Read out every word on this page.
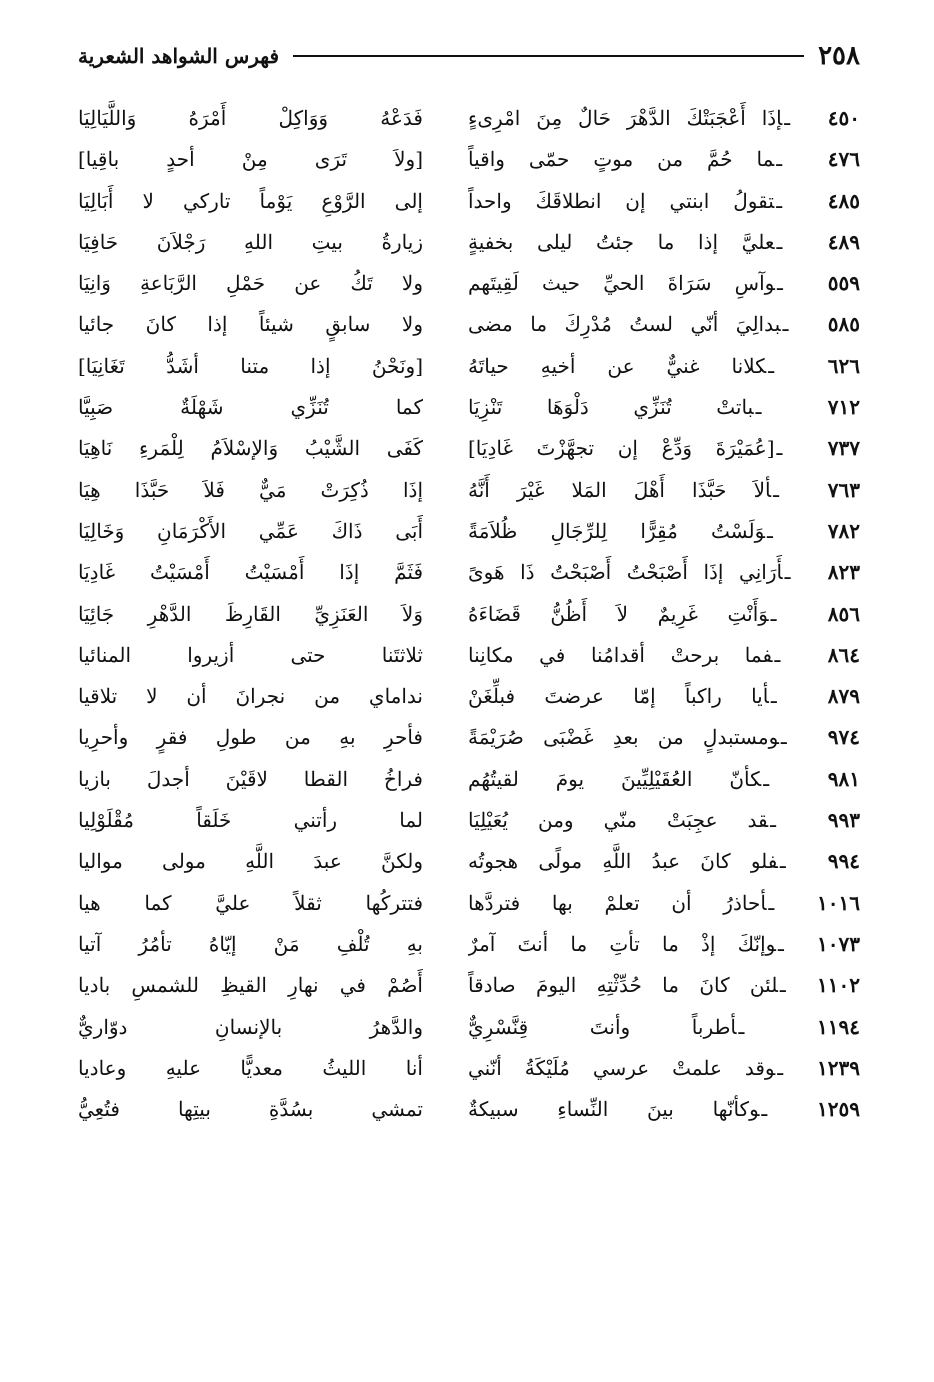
٢٥٨
فهرس الشواهد الشعرية
٤٥٠ ـإذَا أَعْجَبَتْكَ الدَّهْرَ حَالٌ مِنَ امْرِىءٍ
٤٧٦ ـما حُمَّ من موتٍ حمّى واقياً
٤٨٥ ـتقولُ ابنتي إن انطلاقَكَ واحداً
٤٨٩ ـعليَّ إذا ما جئتُ ليلى بخفيةٍ
٥٥٩ ـوآسِ سَرَاةَ الحيِّ حيث لَقِيتَهم
٥٨٥ ـبدالِيَ أنّي لستُ مُدْرِكَ ما مضى
٦٢٦ ـكلانا غنيٌّ عن أخيهِ حياتَهُ
٧١٢ ـباتتْ تُنَزِّي دَلْوَهَا تَنْزِيَا
٧٣٧ ـ[عُمَيْرَةَ وَدِّعْ إن تجهَّزْتَ غَادِيَا]
٧٦٣ ـألاَ حَبَّذَا أَهْلَ المَلا غَيْرَ أَنَّهُ
٧٨٢ ـوَلَسْتُ مُقِرًّا لِلرِّجَالِ ظُلاَمَةً
٨٢٣ ـأَرَانِي إذَا أَصْبَحْتُ أَصْبَحْتُ ذَا هَوىً
٨٥٦ ـوَأَنْتِ غَرِيمٌ لاَ أَظُنُّ قَضَاءَهُ
٨٦٤ ـفما برحتْ أقدامُنا في مكانِنا
٨٧٩ ـأيا راكباً إمّا عرضتَ فبلِّغَنْ
٩٧٤ ـومستبدلٍ من بعدِ غَضْبَى صُرَيْمَةً
٩٨١ ـكأنّ العُقَيْلِيِّينَ يومَ لقيتُهُم
٩٩٣ ـقد عجِبَتْ منّي ومن يُعَيْلِيَا
٩٩٤ ـفلو كانَ عبدُ اللَّهِ مولًى هجوتُه
١٠١٦ ـأحاذرُ أن تعلمْ بها فتردَّها
١٠٧٣ ـوإنّكَ إذْ ما تأتِ ما أنتَ آمرٌ
١١٠٢ ـلئن كانَ ما حُدِّثْتِهِ اليومَ صادقاً
١١٩٤ ـأطرباً وأنتَ قِنَّسْرِيٌّ
١٢٣٩ ـوقد علمتْ عرسي مُلَيْكَةُ أنّني
١٢٥٩ ـوكأنّها بينَ النِّساءِ سبيكةٌ
فَدَعْهُ وَوَاكِلْ أَمْرَهُ وَاللَّيَالِيَا
[ولاَ تَرَى مِنْ أحدٍ باقِيا]
إلى الرَّوْعِ يَوْماً تاركي لا أَبَالِيَا
زيارةُ بيتِ اللهِ رَجْلاَنَ حَافِيَا
ولا تَكُ عن حَمْلِ الرَّبَاعةِ وَانِيَا
ولا سابقٍ شيئاً إذا كانَ جائيا
[ونَحْنُ إذا متنا أشَدُّ تَغَانِيَا]
كما تُنَزِّي شَهْلَةٌ صَبِيَّا
كَفَى الشَّيْبُ وَالإسْلاَمُ لِلْمَرءِ نَاهِيَا
إذَا ذُكِرَتْ مَيٌّ فَلاَ حَبَّذَا هِيَا
أَبَى ذَاكَ عَمِّي الأَكْرَمَانِ وَخَالِيَا
فَثَمَّ إذَا أَمْسَيْتُ أَمْسَيْتُ غَادِيَا
وَلاَ العَنَزِيِّ القَارِظَ الدَّهْرِ جَائِيَا
ثلاثتَنا حتى أزيروا المنائيا
نداماي من نجرانَ أن لا تلاقيا
فأحرِ بهِ من طولِ فقرٍ وأحرِيا
فراخُ القطا لاقَيْنَ أجدلَ بازيا
لما رأتني خَلَقاً مُقْلَوْلِيا
ولكنَّ عبدَ اللَّهِ مولى مواليا
فتتركُها ثقلاً عليَّ كما هيا
بهِ تُلْفِ مَنْ إيّاهُ تأمُرُ آتيا
أَصُمْ في نهارِ القيظِ للشمسِ باديا
والدَّهرُ بالإنسانِ دوّاريٌّ
أنا الليثُ معديًّا عليهِ وعاديا
تمشي بسُدَّةِ بيتِها فتُعِيُّ
